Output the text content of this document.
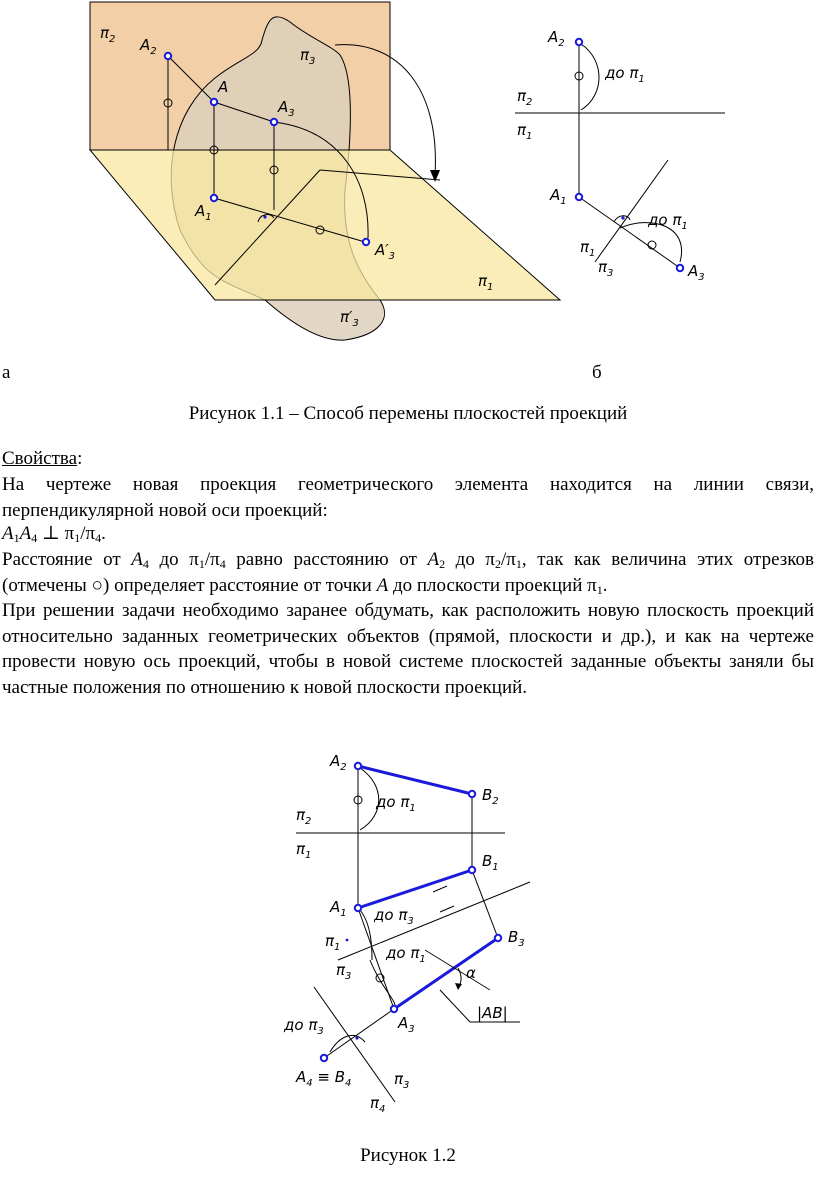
$\pi_2$
$\pi_3$
$A_2$
A
$A_3$
$A_1$
$A'_3$
$\pi_1$
$\pi'_3$
$A_2$
до $\pi_1$
$\pi_2$
$\pi_1$
$A_1$
до $\pi_1$
$\pi_1$
$\pi_3$	$A_3$
а	б
Рисунок 1.1 – Способ перемены плоскостей проекций
Свойства:
На чертеже новая проекция геометрического элемента находится на линии связи, перпендикулярной новой оси проекций:
$A_1A_4$ ⊥ $\pi_1/\pi_4$.
Расстояние от $A_4$ до $\pi_1/\pi_4$ равно расстоянию от $A_2$ до $\pi_2/\pi_1$, так как величина этих отрезков (отмечены ○) определяет расстояние от точки A до плоскости проекций $\pi_1$.
При решении задачи необходимо заранее обдумать, как расположить новую плоскость проекций относительно заданных геометрических объектов (прямой, плоскости и др.), и как на чертеже провести новую ось проекций, чтобы в новой системе плоскостей заданные объекты заняли бы частные положения по отношению к новой плоскости проекций.
$A_2$
$B_2$
до $\pi_1$
$\pi_2$
$\pi_1$	$B_1$
$A_1$ до $\pi_3$
$\pi_1$	до $\pi_1$
$B_3$
α
$\pi_3$
|AB|
$A_3$
до $\pi_3$
$A_4 \equiv B_4$	$\pi_3$
$\pi_4$
Рисунок 1.2
